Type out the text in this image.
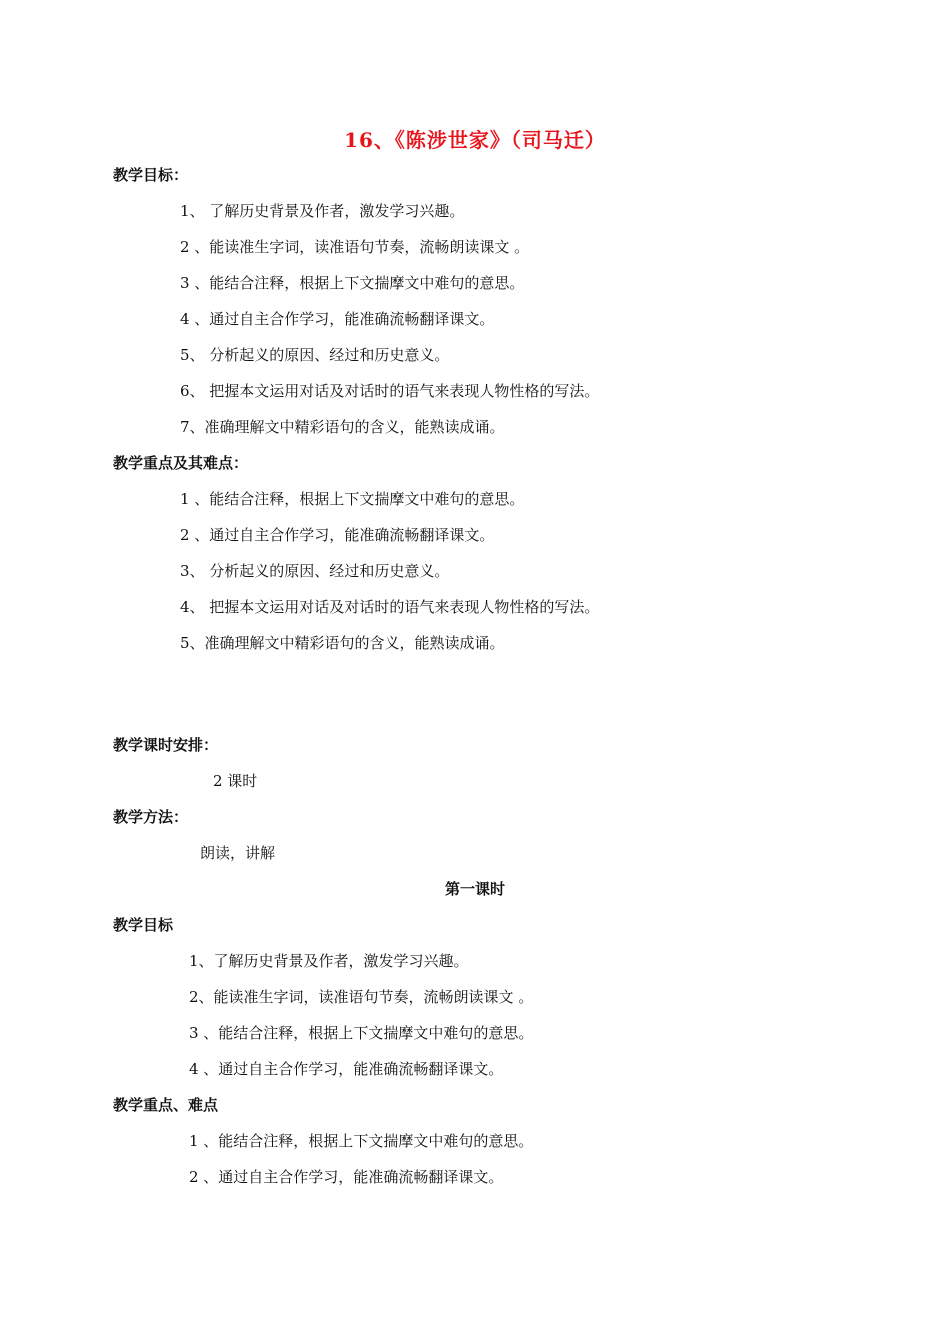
16、《陈涉世家》（司马迁）
教学目标：
1、 了解历史背景及作者，激发学习兴趣。
2 、能读准生字词，读准语句节奏，流畅朗读课文 。
3 、能结合注释，根据上下文揣摩文中难句的意思。
4 、通过自主合作学习，能准确流畅翻译课文。
5、 分析起义的原因、经过和历史意义。
6、 把握本文运用对话及对话时的语气来表现人物性格的写法。
7、准确理解文中精彩语句的含义，能熟读成诵。
教学重点及其难点：
1 、能结合注释，根据上下文揣摩文中难句的意思。
2 、通过自主合作学习，能准确流畅翻译课文。
3、 分析起义的原因、经过和历史意义。
4、 把握本文运用对话及对话时的语气来表现人物性格的写法。
5、准确理解文中精彩语句的含义，能熟读成诵。
教学课时安排：
2 课时
教学方法：
朗读，讲解
第一课时
教学目标
1、了解历史背景及作者，激发学习兴趣。
2、能读准生字词，读准语句节奏，流畅朗读课文 。
3 、能结合注释，根据上下文揣摩文中难句的意思。
4 、通过自主合作学习，能准确流畅翻译课文。
教学重点、难点
1 、能结合注释，根据上下文揣摩文中难句的意思。
2 、通过自主合作学习，能准确流畅翻译课文。
